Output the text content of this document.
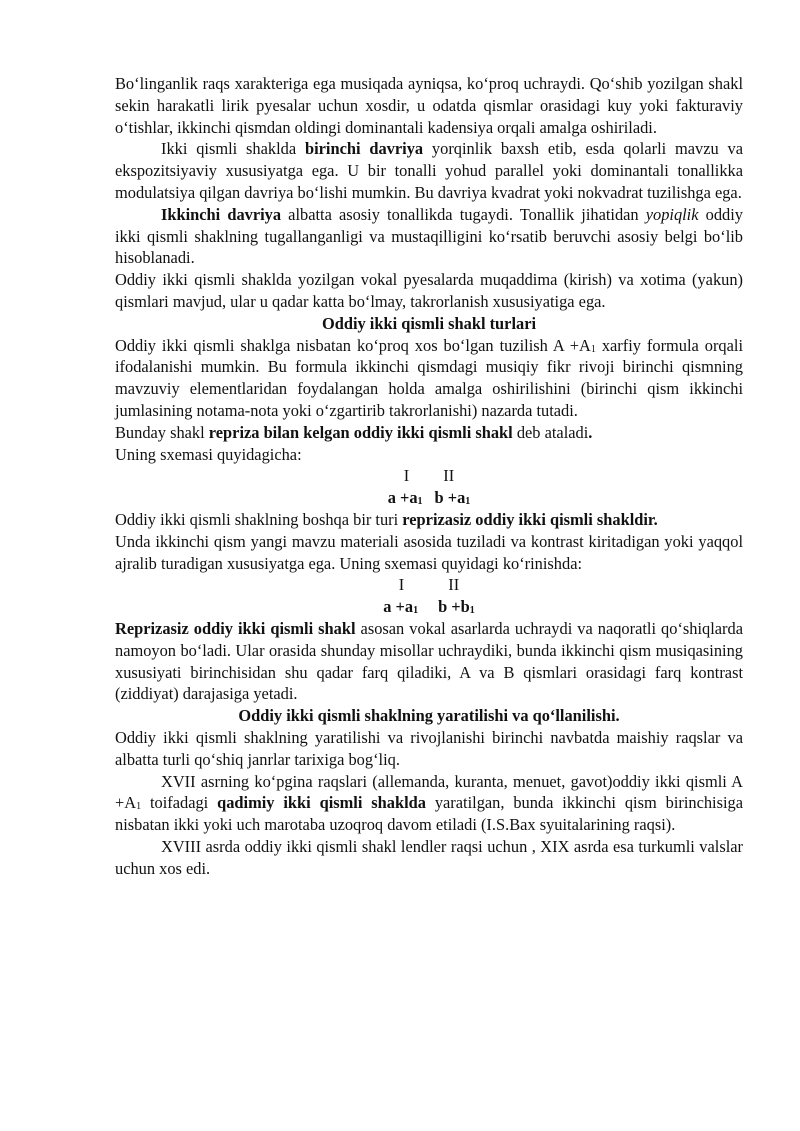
Bo‘linganlik raqs xarakteriga ega musiqada ayniqsa, ko‘proq uchraydi. Qo‘shib yozilgan shakl sekin harakatli lirik pyesalar uchun xosdir, u odatda qismlar orasidagi kuy yoki fakturaviy o‘tishlar, ikkinchi qismdan oldingi dominantali kadensiya orqali amalga oshiriladi.

Ikki qismli shaklda birinchi davriya yorqinlik baxsh etib, esda qolarli mavzu va ekspozitsiyaviy xususiyatga ega. U bir tonalli yohud parallel yoki dominantali tonallikka modulatsiya qilgan davriya bo‘lishi mumkin. Bu davriya kvadrat yoki nokvadrat tuzilishga ega.

Ikkinchi davriya albatta asosiy tonallikda tugaydi. Tonallik jihatidan yopiqlik oddiy ikki qismli shaklning tugallanganligi va mustaqilligini ko‘rsatib beruvchi asosiy belgi bo‘lib hisoblanadi.

Oddiy ikki qismli shaklda yozilgan vokal pyesalarda muqaddima (kirish) va xotima (yakun) qismlari mavjud, ular u qadar katta bo‘lmay, takrorlanish xususiyatiga ega.

Oddiy ikki qismli shakl turlari

Oddiy ikki qismli shaklga nisbatan ko‘proq xos bo‘lgan tuzilish $A +A_1$ xarfiy formula orqali ifodalanishi mumkin. Bu formula ikkinchi qismdagi musiqiy fikr rivoji birinchi qismning mavzuviy elementlaridan foydalangan holda amalga oshirilishini (birinchi qism ikkinchi jumlasining notama-nota yoki o‘zgartirib takrorlanishi) nazarda tutadi.

Bunday shakl repriza bilan kelgan oddiy ikki qismli shakl deb ataladi.

Uning sxemasi quyidagicha:

I II
$a +a_1$ $b +a_1$

Oddiy ikki qismli shaklning boshqa bir turi reprizasiz oddiy ikki qismli shakldir.

Unda ikkinchi qism yangi mavzu materiali asosida tuziladi va kontrast kiritadigan yoki yaqqol ajralib turadigan xususiyatga ega. Uning sxemasi quyidagi ko‘rinishda:

I	II
$a +a_1$ $b +b_1$

Reprizasiz oddiy ikki qismli shakl asosan vokal asarlarda uchraydi va naqoratli qo‘shiqlarda namoyon bo‘ladi. Ular orasida shunday misollar uchraydiki, bunda ikkinchi qism musiqasining xususiyati birinchisidan shu qadar farq qiladiki, A va B qismlari orasidagi farq kontrast (ziddiyat) darajasiga yetadi.

Oddiy ikki qismli shaklning yaratilishi va qo‘llanilishi.

Oddiy ikki qismli shaklning yaratilishi va rivojlanishi birinchi navbatda maishiy raqslar va albatta turli qo‘shiq janrlar tarixiga bog‘liq.

XVII asrning ko‘pgina raqslari (allemanda, kuranta, menuet, gavot)oddiy ikki qismli $A +A_1$ toifadagi qadimiy ikki qismli shaklda yaratilgan, bunda ikkinchi qism birinchisiga nisbatan ikki yoki uch marotaba uzoqroq davom etiladi (I.S.Bax syuitalarining raqsi).

XVIII asrda oddiy ikki qismli shakl lendler raqsi uchun , XIX asrda esa turkumli valslar uchun xos edi.
